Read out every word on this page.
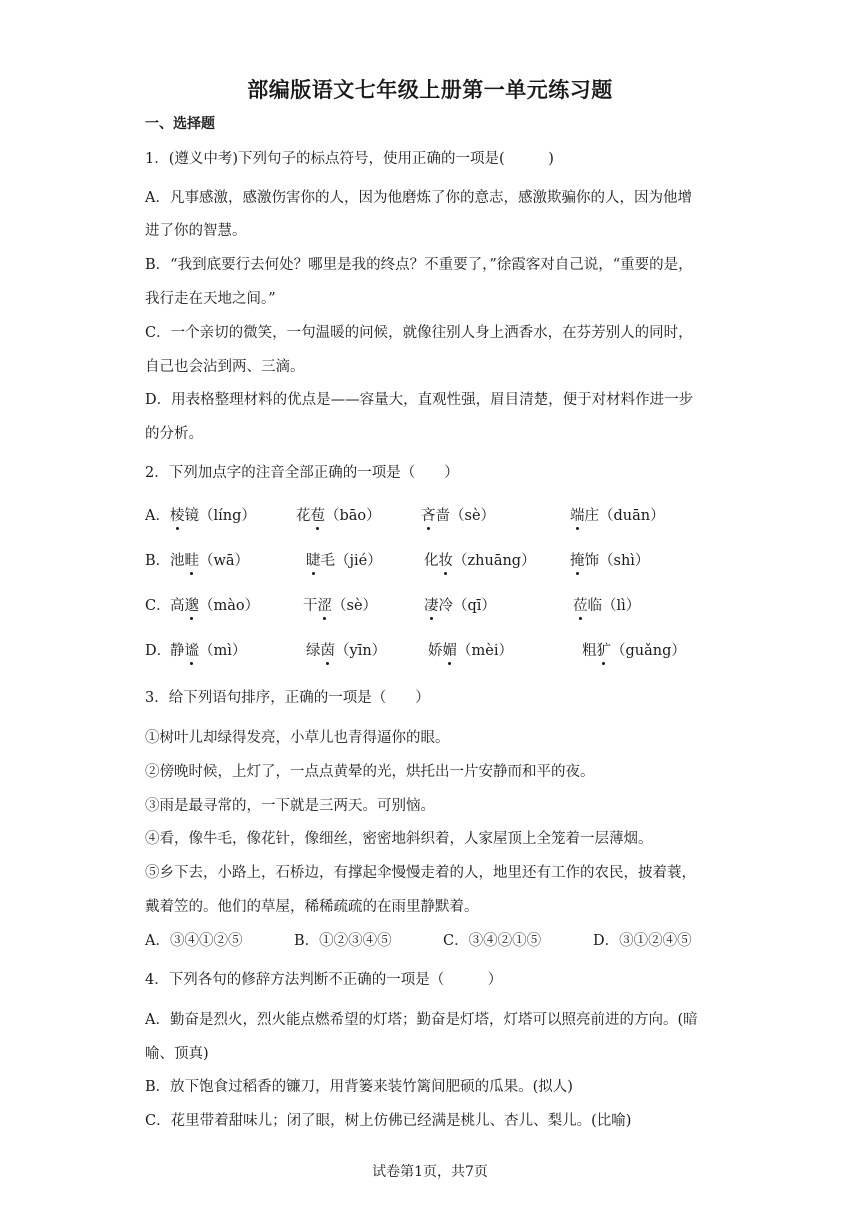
部编版语文七年级上册第一单元练习题
一、选择题
1．(遵义中考)下列句子的标点符号，使用正确的一项是(　　　)
A．凡事感激，感激伤害你的人，因为他磨炼了你的意志，感激欺骗你的人，因为他增
进了你的智慧。
B．“我到底要行去何处？哪里是我的终点？不重要了，”徐霞客对自己说，“重要的是，
我行走在天地之间。”
C．一个亲切的微笑，一句温暖的问候，就像往别人身上洒香水，在芬芳别人的同时，
自己也会沾到两、三滴。
D．用表格整理材料的优点是——容量大，直观性强，眉目清楚，便于对材料作进一步
的分析。
2．下列加点字的注音全部正确的一项是（　　）
A． 棱镜（líng）	花苞（bāo）	吝啬（sè）	端庄（duān）
B． 池畦（wā）	睫毛（jié）	化妆（zhuāng） 掩饰（shì）
C． 高邈（mào）	干涩（sè）	凄冷（qī）	莅临（lì）
D．
静谧（mì）	绿茵（yīn）	娇媚（mèi）	粗犷（guǎng）
3．给下列语句排序，正确的一项是（　　）
①树叶儿却绿得发亮，小草儿也青得逼你的眼。
②傍晚时候，上灯了，一点点黄晕的光，烘托出一片安静而和平的夜。
③雨是最寻常的，一下就是三两天。可别恼。
④看，像牛毛，像花针，像细丝，密密地斜织着，人家屋顶上全笼着一层薄烟。
⑤乡下去，小路上，石桥边，有撑起伞慢慢走着的人，地里还有工作的农民，披着蓑，
戴着笠的。他们的草屋，稀稀疏疏的在雨里静默着。
A．③④①②⑤	B．①②③④⑤	C．③④②①⑤	D．③①②④⑤
4．下列各句的修辞方法判断不正确的一项是（　　　）
A．勤奋是烈火，烈火能点燃希望的灯塔；勤奋是灯塔，灯塔可以照亮前进的方向。(暗
喻、顶真)
B．放下饱食过稻香的镰刀，用背篓来装竹篱间肥硕的瓜果。(拟人)
C．花里带着甜味儿；闭了眼，树上仿佛已经满是桃儿、杏儿、梨儿。(比喻)
试卷第1页，共7页
